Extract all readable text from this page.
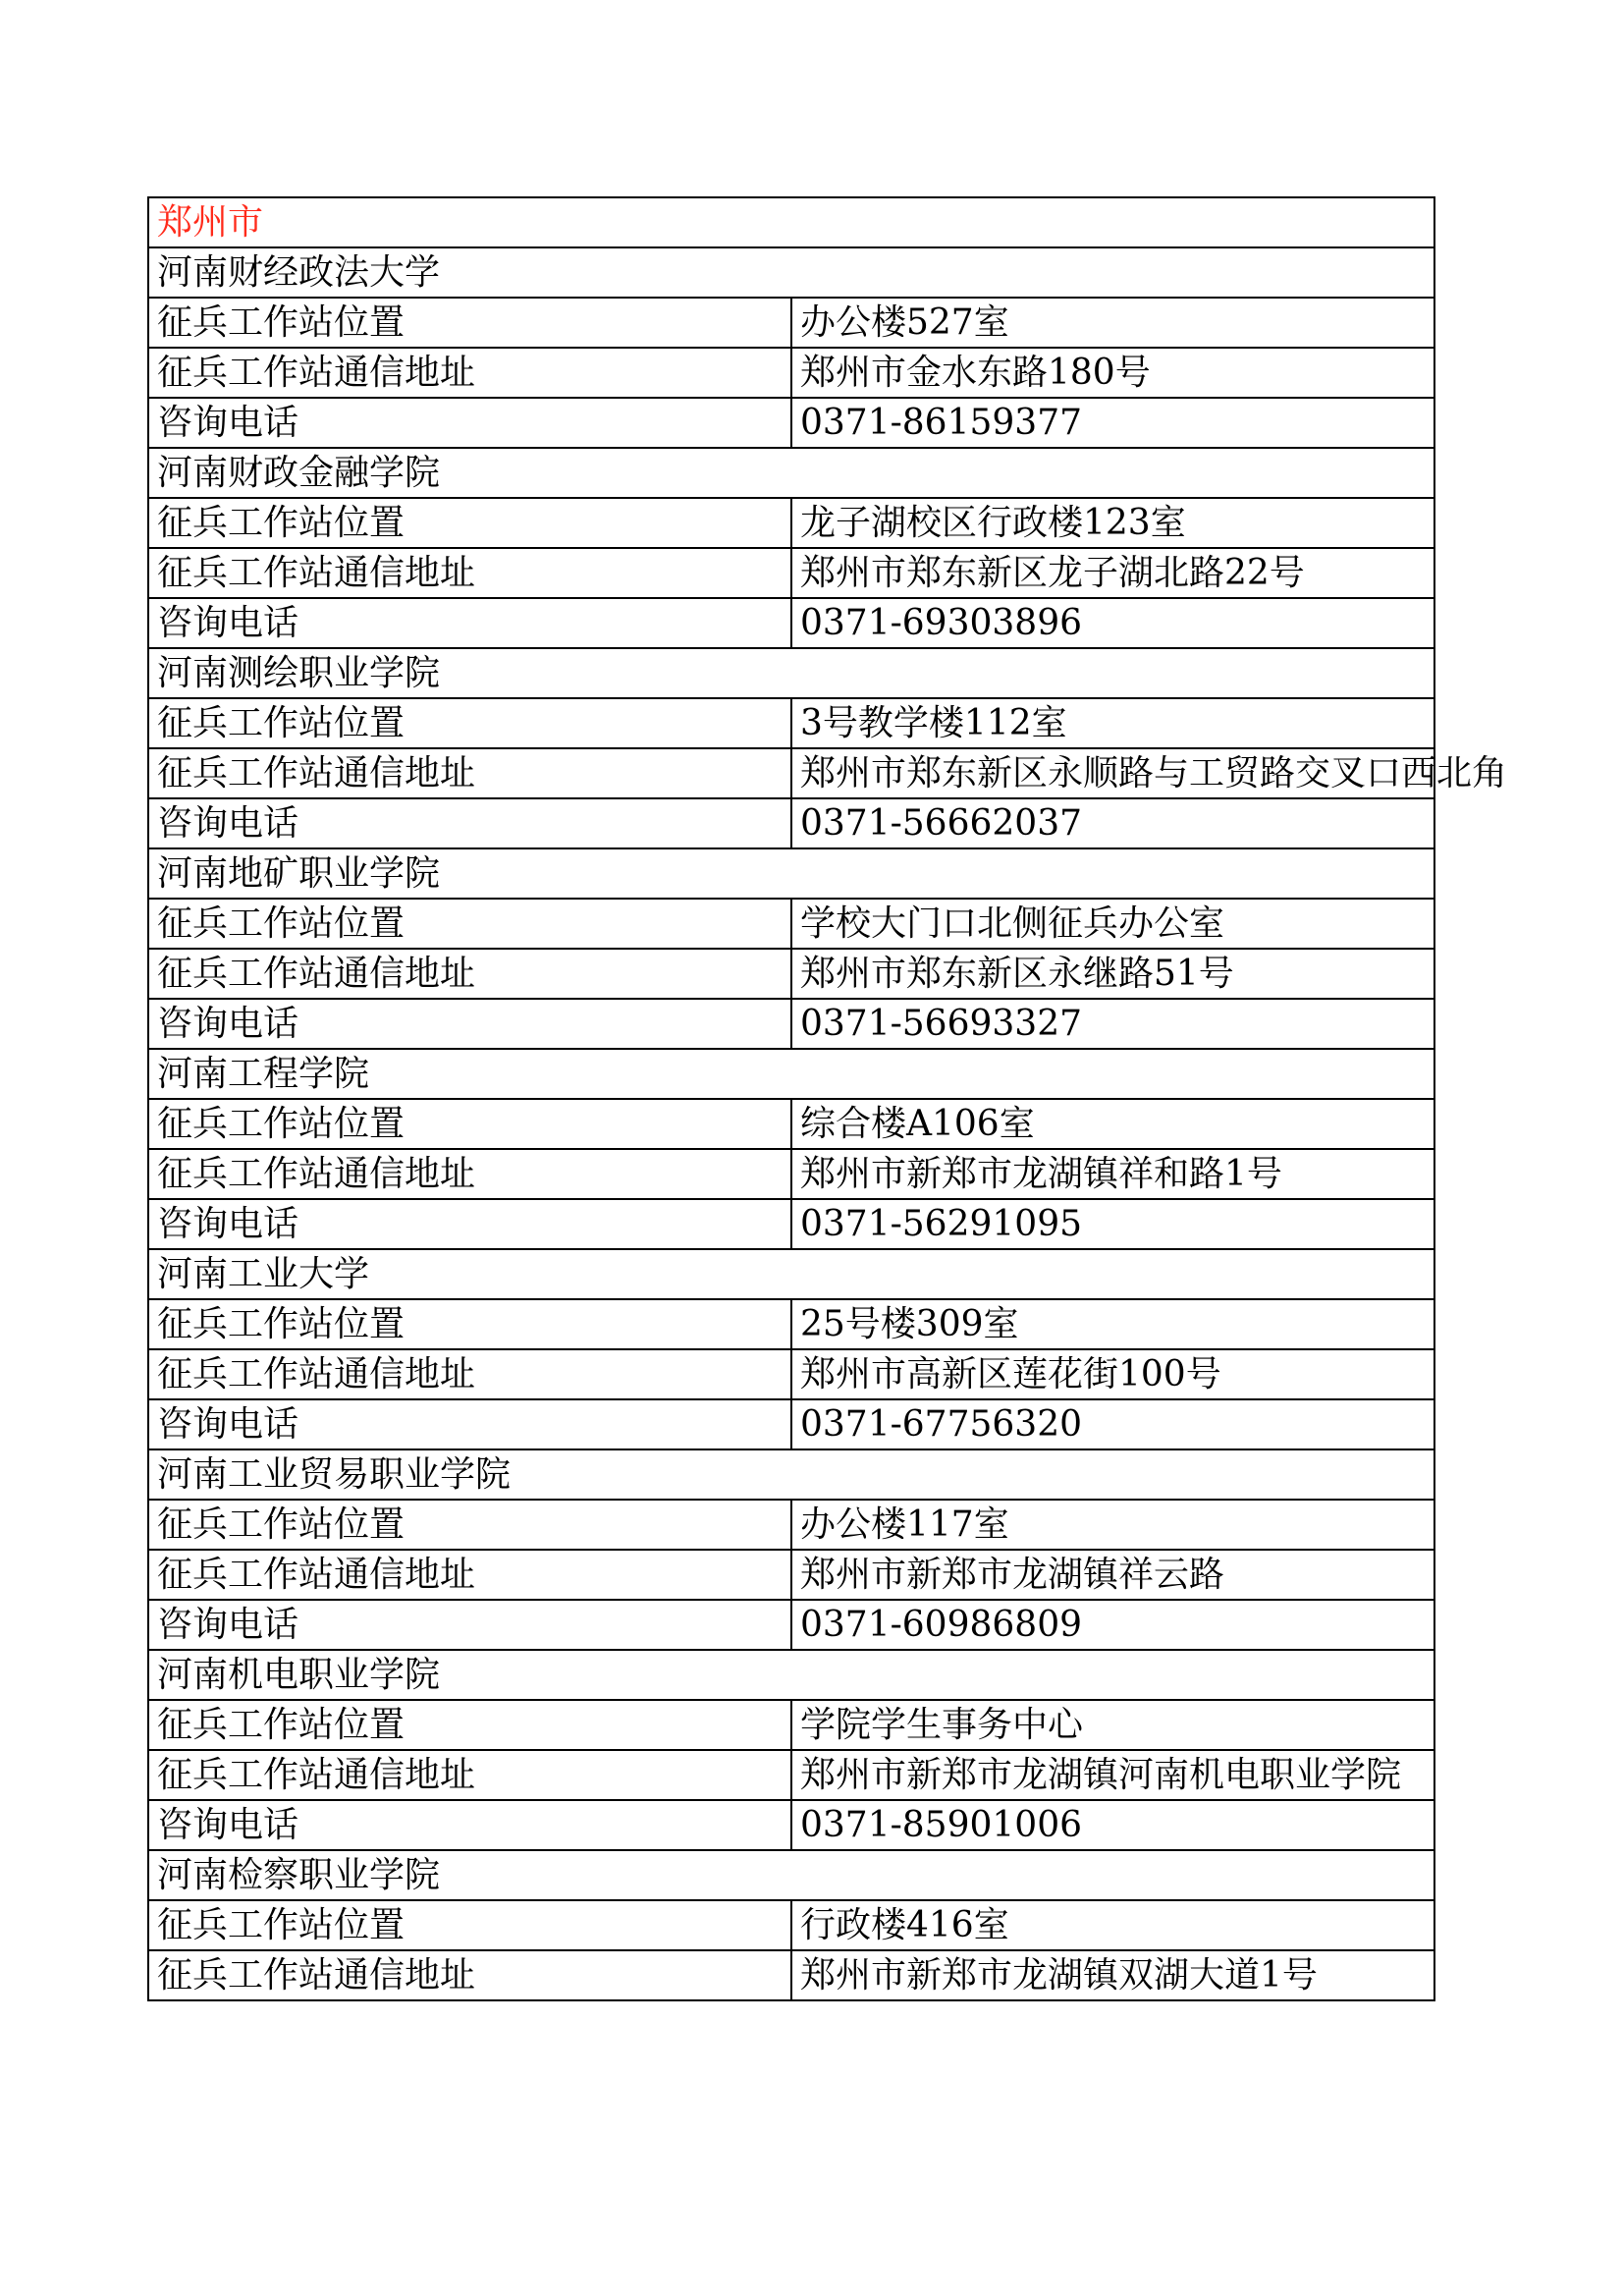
郑州市	
河南财经政法大学	
征兵工作站位置	办公楼527室
征兵工作站通信地址	郑州市金水东路180号
咨询电话	0371-86159377
河南财政金融学院	
征兵工作站位置	龙子湖校区行政楼123室
征兵工作站通信地址	郑州市郑东新区龙子湖北路22号
咨询电话	0371-69303896
河南测绘职业学院	
征兵工作站位置	3号教学楼112室
征兵工作站通信地址	郑州市郑东新区永顺路与工贸路交叉口西北角
咨询电话	0371-56662037
河南地矿职业学院	
征兵工作站位置	学校大门口北侧征兵办公室
征兵工作站通信地址	郑州市郑东新区永继路51号
咨询电话	0371-56693327
河南工程学院	
征兵工作站位置	综合楼A106室
征兵工作站通信地址	郑州市新郑市龙湖镇祥和路1号
咨询电话	0371-56291095
河南工业大学	
征兵工作站位置	25号楼309室
征兵工作站通信地址	郑州市高新区莲花街100号
咨询电话	0371-67756320
河南工业贸易职业学院	
征兵工作站位置	办公楼117室
征兵工作站通信地址	郑州市新郑市龙湖镇祥云路
咨询电话	0371-60986809
河南机电职业学院	
征兵工作站位置	学院学生事务中心
征兵工作站通信地址	郑州市新郑市龙湖镇河南机电职业学院
咨询电话	0371-85901006
河南检察职业学院	
征兵工作站位置	行政楼416室
征兵工作站通信地址	郑州市新郑市龙湖镇双湖大道1号
